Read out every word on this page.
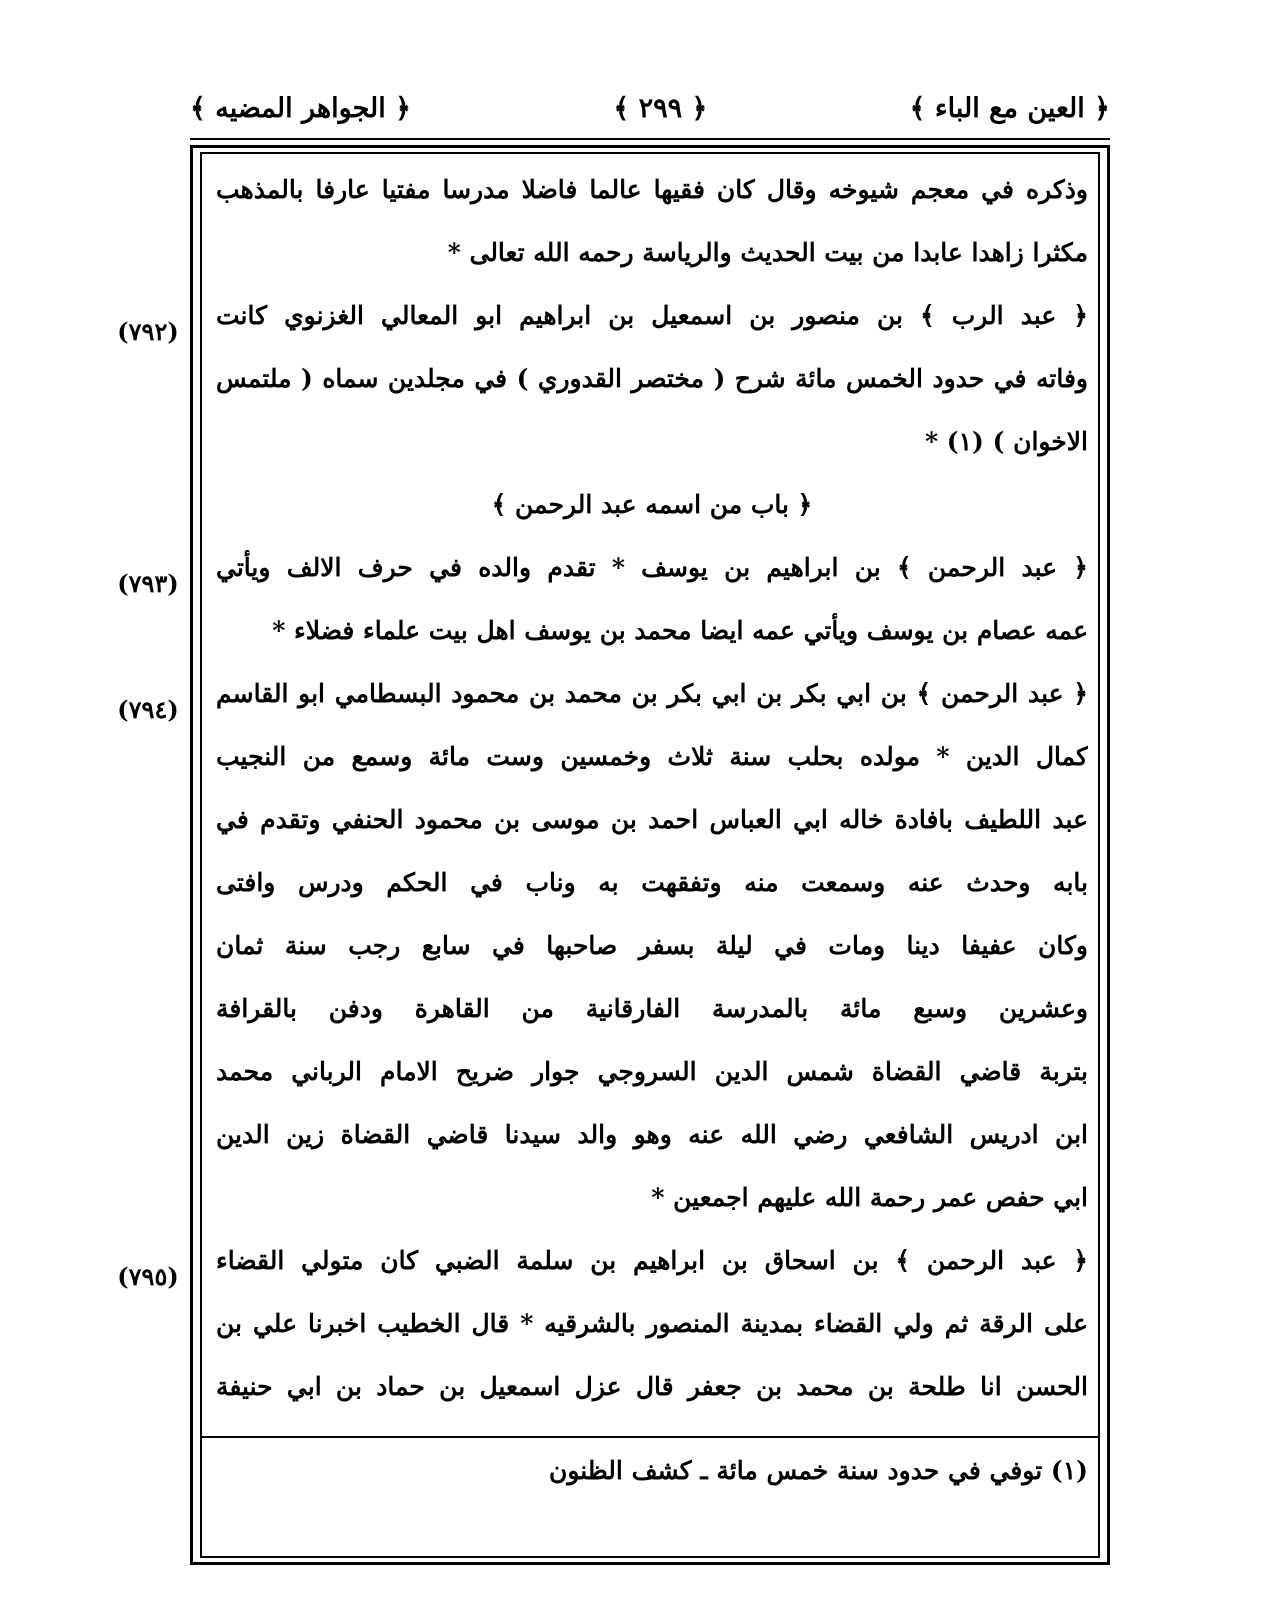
﴿ العين مع الباء ﴾
﴿ ٢٩٩ ﴾
﴿ الجواهر المضيه ﴾
وذكره في معجم شيوخه وقال كان فقيها عالما فاضلا مدرسا مفتيا عارفا بالمذهب
مكثرا زاهدا عابدا من بيت الحديث والرياسة رحمه الله تعالى *
﴿ عبد الرب ﴾ بن منصور بن اسمعيل بن ابراهيم ابو المعالي الغزنوي كانت
وفاته في حدود الخمس مائة شرح ( مختصر القدوري ) في مجلدين سماه ( ملتمس
الاخوان ) (١) *
﴿ باب من اسمه عبد الرحمن ﴾
﴿ عبد الرحمن ﴾ بن ابراهيم بن يوسف * تقدم والده في حرف الالف ويأتي
عمه عصام بن يوسف ويأتي عمه ايضا محمد بن يوسف اهل بيت علماء فضلاء *
﴿ عبد الرحمن ﴾ بن ابي بكر بن ابي بكر بن محمد بن محمود البسطامي ابو القاسم
كمال الدين * مولده بحلب سنة ثلاث وخمسين وست مائة وسمع من النجيب
عبد اللطيف بافادة خاله ابي العباس احمد بن موسى بن محمود الحنفي وتقدم في
بابه وحدث عنه وسمعت منه وتفقهت به وناب في الحكم ودرس وافتى
وكان عفيفا دينا ومات في ليلة بسفر صاحبها في سابع رجب سنة ثمان
وعشرين وسبع مائة بالمدرسة الفارقانية من القاهرة ودفن بالقرافة
بتربة قاضي القضاة شمس الدين السروجي جوار ضريح الامام الرباني محمد
ابن ادريس الشافعي رضي الله عنه وهو والد سيدنا قاضي القضاة زين الدين
ابي حفص عمر رحمة الله عليهم اجمعين *
﴿ عبد الرحمن ﴾ بن اسحاق بن ابراهيم بن سلمة الضبي كان متولي القضاء
على الرقة ثم ولي القضاء بمدينة المنصور بالشرقيه * قال الخطيب اخبرنا علي بن
الحسن انا طلحة بن محمد بن جعفر قال عزل اسمعيل بن حماد بن ابي حنيفة
(٧٩٢)
(٧٩٣)
(٧٩٤)
(٧٩٥)
(١) توفي في حدود سنة خمس مائة ـ كشف الظنون
